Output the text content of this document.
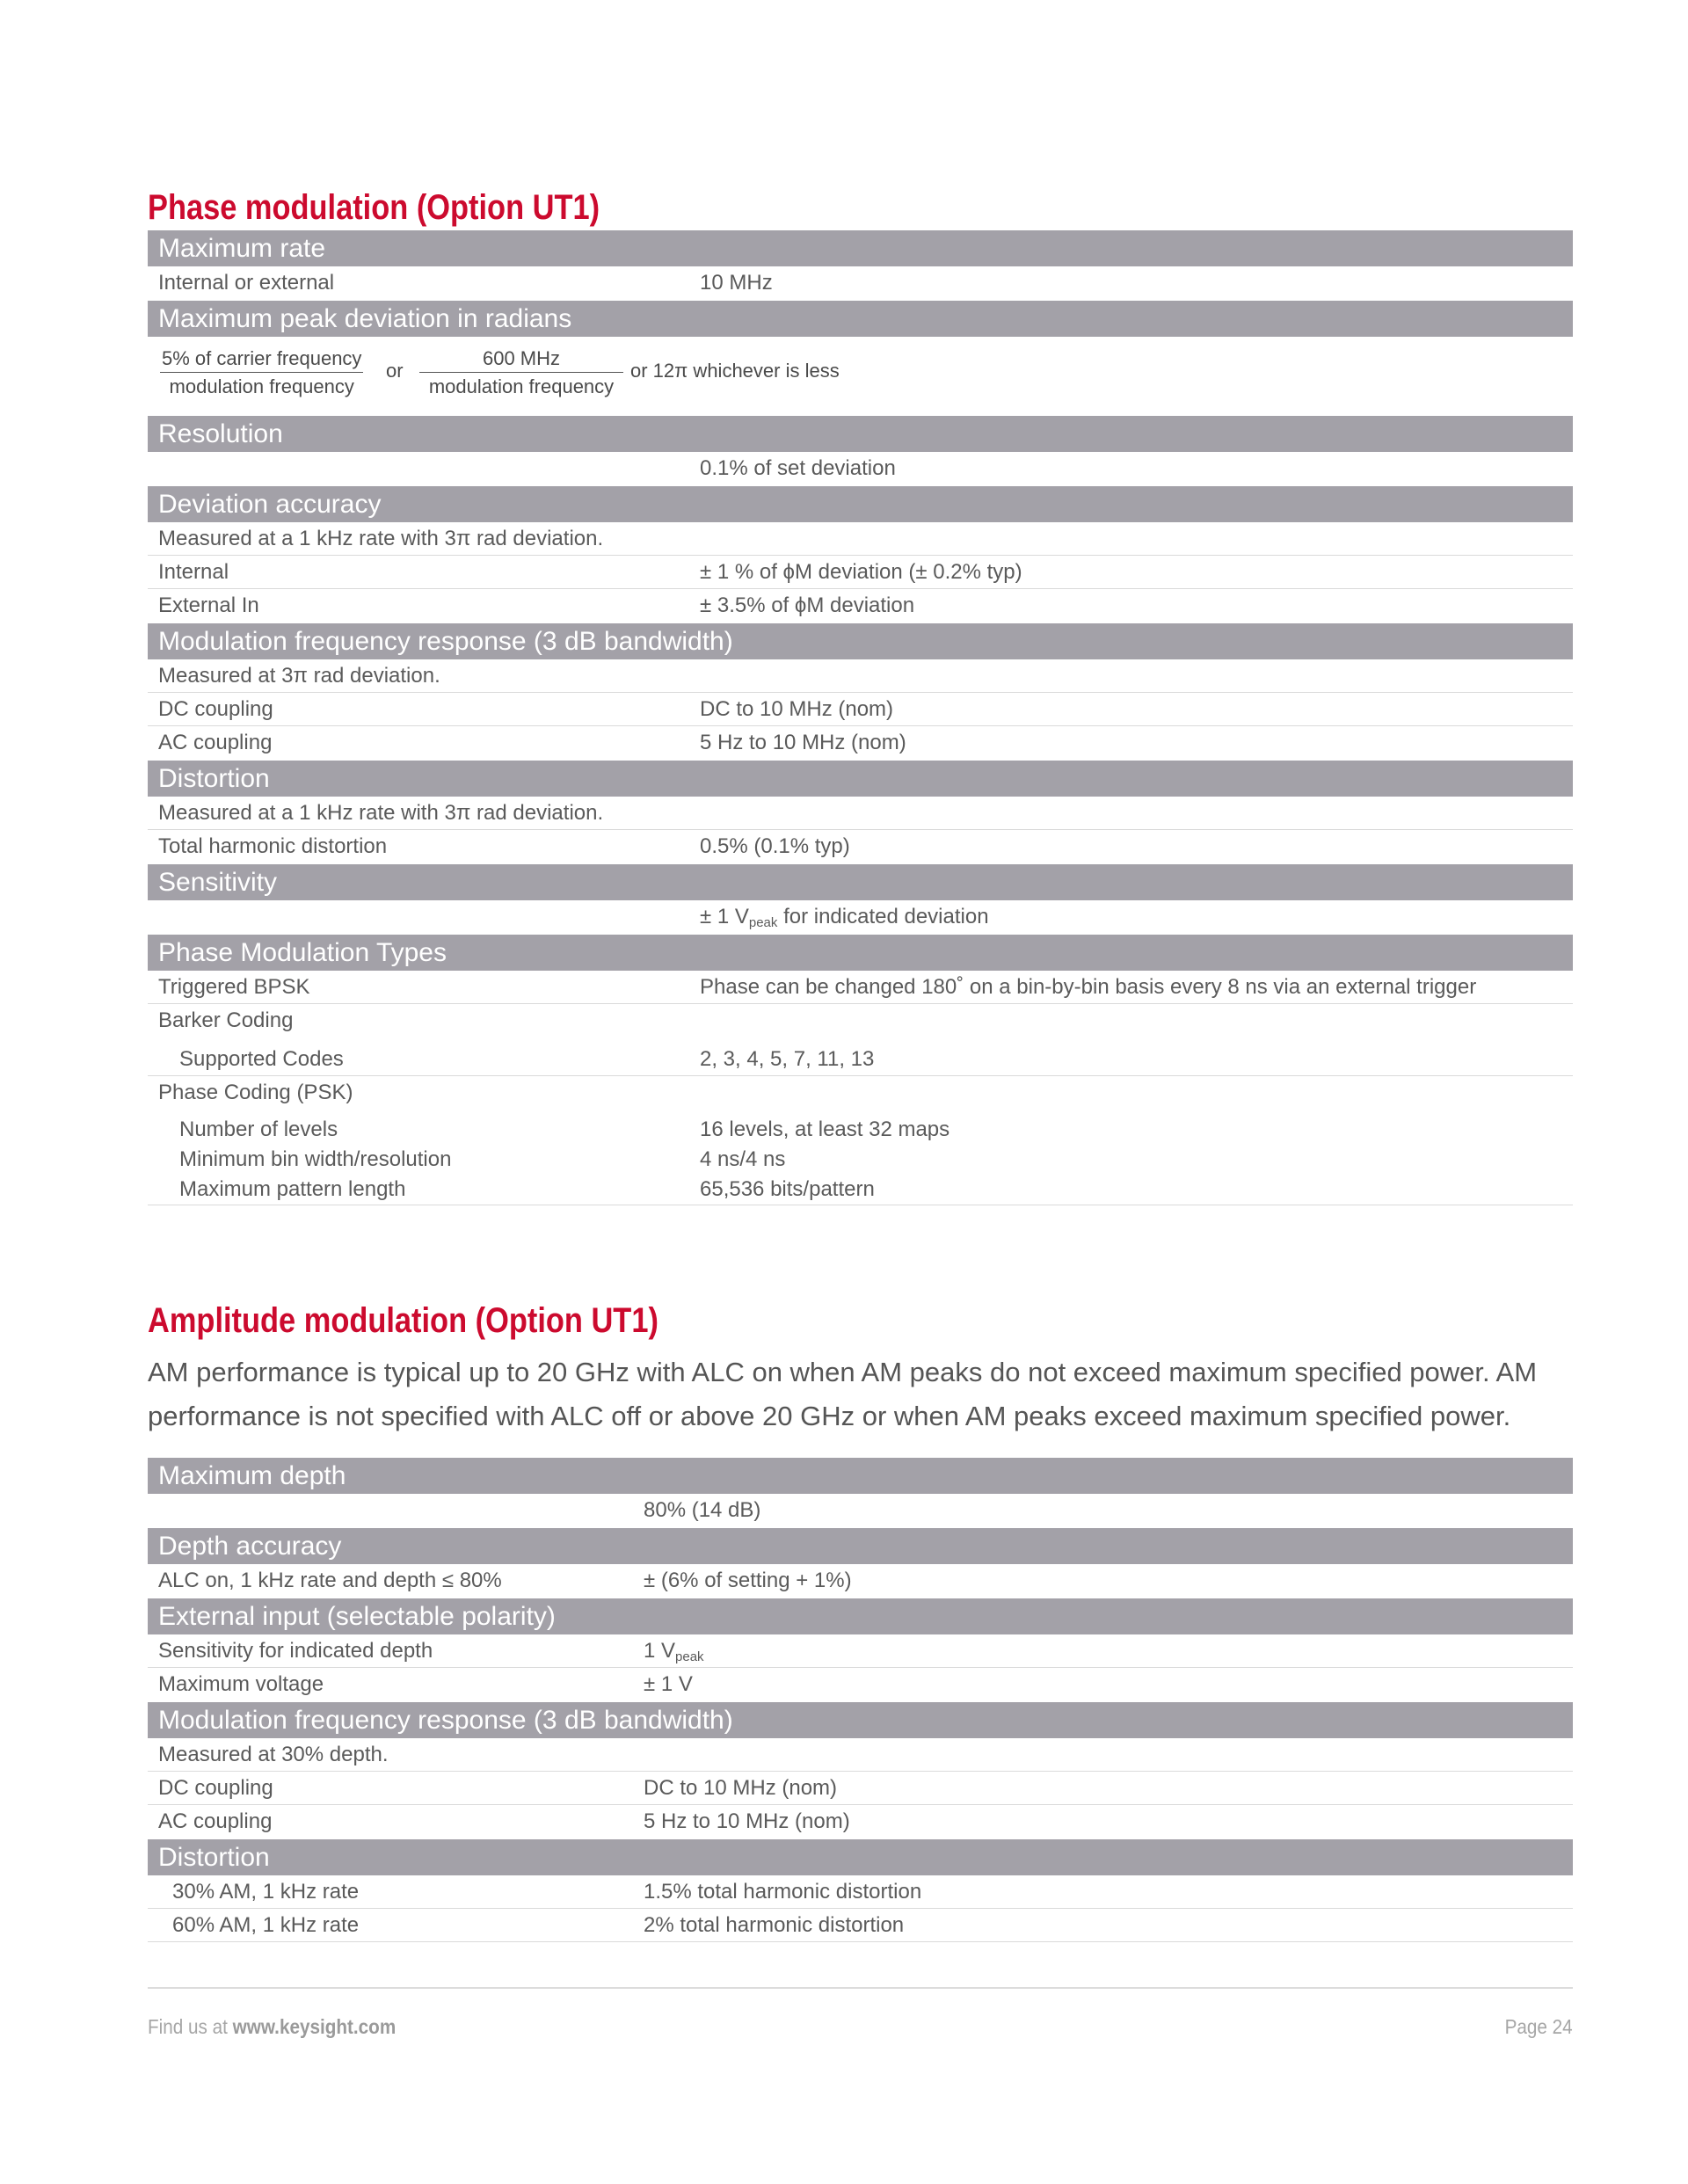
Phase modulation (Option UT1)
Maximum rate
Internal or external	10 MHz
Maximum peak deviation in radians
5% of carrier frequency
modulation frequency
or
600 MHz
modulation frequency
or 12π whichever is less
Resolution
0.1% of set deviation
Deviation accuracy
Measured at a 1 kHz rate with 3π rad deviation.
Internal	± 1 % of ϕM deviation (± 0.2% typ)
External In	± 3.5% of ϕM deviation
Modulation frequency response (3 dB bandwidth)
Measured at 3π rad deviation.
DC coupling	DC to 10 MHz (nom)
AC coupling	5 Hz to 10 MHz (nom)
Distortion
Measured at a 1 kHz rate with 3π rad deviation.
Total harmonic distortion	0.5% (0.1% typ)
Sensitivity
± 1 $V_{peak}$ for indicated deviation
Phase Modulation Types
Triggered BPSK	Phase can be changed 180˚ on a bin-by-bin basis every 8 ns via an external trigger
Barker Coding
Supported Codes	2, 3, 4, 5, 7, 11, 13
Phase Coding (PSK)
Number of levels	16 levels, at least 32 maps
Minimum bin width/resolution	4 ns/4 ns
Maximum pattern length	65,536 bits/pattern
Amplitude modulation (Option UT1)

AM performance is typical up to 20 GHz with ALC on when AM peaks do not exceed maximum specified power. AM performance is not specified with ALC off or above 20 GHz or when AM peaks exceed maximum specified power.

Maximum depth
80% (14 dB)
Depth accuracy
ALC on, 1 kHz rate and depth ≤ 80%	± (6% of setting + 1%)
External input (selectable polarity)
Sensitivity for indicated depth	1 $V_{peak}$
Maximum voltage	± 1 V
Modulation frequency response (3 dB bandwidth)
Measured at 30% depth.
DC coupling	DC to 10 MHz (nom)
AC coupling	5 Hz to 10 MHz (nom)
Distortion
30% AM, 1 kHz rate	1.5% total harmonic distortion
60% AM, 1 kHz rate	2% total harmonic distortion
Find us at www.keysight.com	Page 24
